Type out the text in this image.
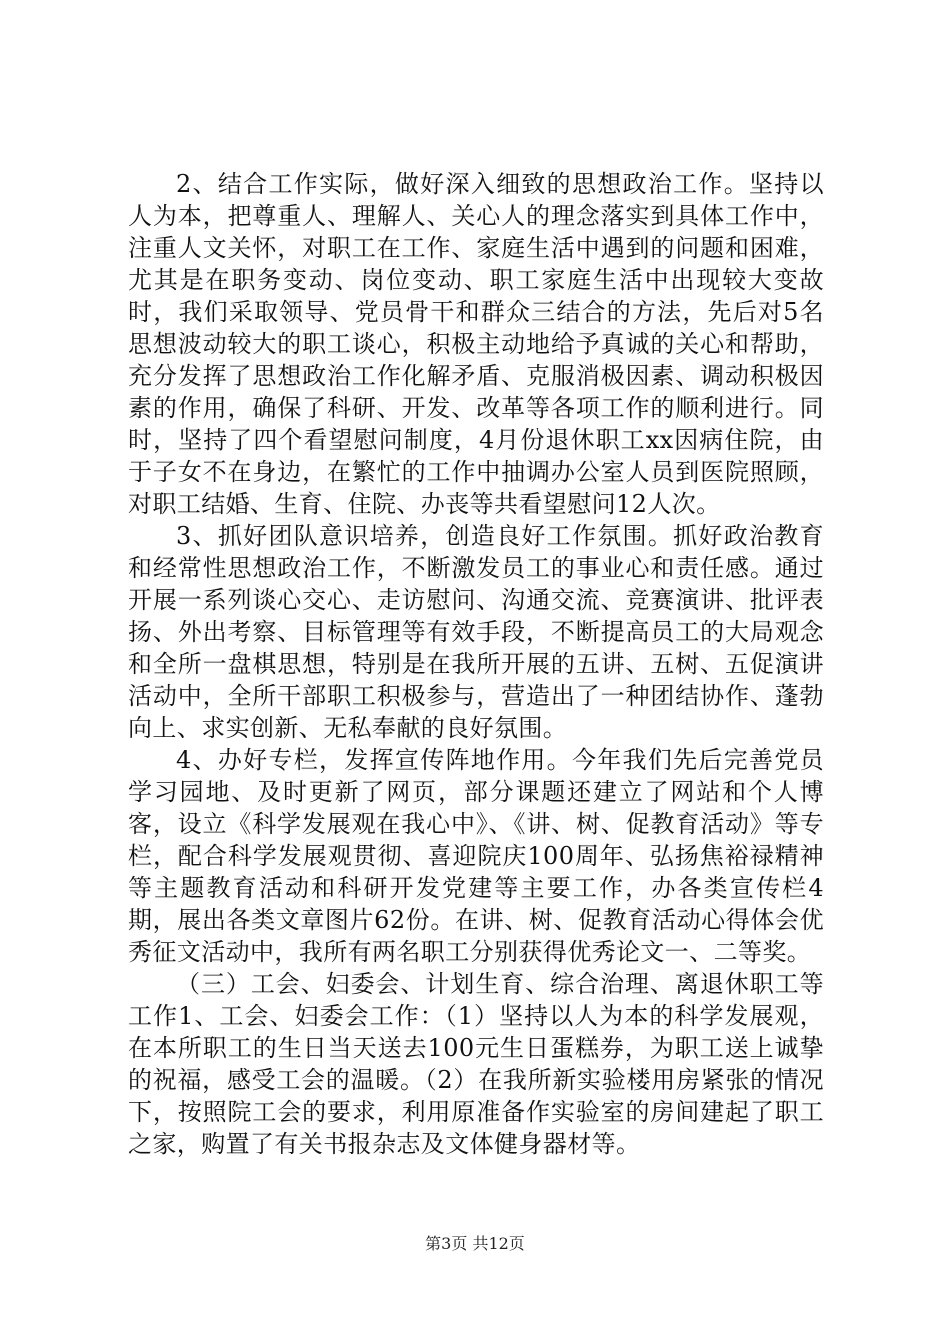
2、结合工作实际，做好深入细致的思想政治工作。坚持以人为本，把尊重人、理解人、关心人的理念落实到具体工作中，注重人文关怀，对职工在工作、家庭生活中遇到的问题和困难，尤其是在职务变动、岗位变动、职工家庭生活中出现较大变故时，我们采取领导、党员骨干和群众三结合的方法，先后对5名思想波动较大的职工谈心，积极主动地给予真诚的关心和帮助，充分发挥了思想政治工作化解矛盾、克服消极因素、调动积极因素的作用，确保了科研、开发、改革等各项工作的顺利进行。同时，坚持了四个看望慰问制度，4月份退休职工xx因病住院，由于子女不在身边，在繁忙的工作中抽调办公室人员到医院照顾，对职工结婚、生育、住院、办丧等共看望慰问12人次。

3、抓好团队意识培养，创造良好工作氛围。抓好政治教育和经常性思想政治工作，不断激发员工的事业心和责任感。通过开展一系列谈心交心、走访慰问、沟通交流、竞赛演讲、批评表扬、外出考察、目标管理等有效手段，不断提高员工的大局观念和全所一盘棋思想，特别是在我所开展的五讲、五树、五促演讲活动中，全所干部职工积极参与，营造出了一种团结协作、蓬勃向上、求实创新、无私奉献的良好氛围。

4、办好专栏，发挥宣传阵地作用。今年我们先后完善党员学习园地、及时更新了网页，部分课题还建立了网站和个人博客，设立《科学发展观在我心中》、《讲、树、促教育活动》等专栏，配合科学发展观贯彻、喜迎院庆100周年、弘扬焦裕禄精神等主题教育活动和科研开发党建等主要工作，办各类宣传栏4期，展出各类文章图片62份。在讲、树、促教育活动心得体会优秀征文活动中，我所有两名职工分别获得优秀论文一、二等奖。

（三）工会、妇委会、计划生育、综合治理、离退休职工等工作1、工会、妇委会工作：（1）坚持以人为本的科学发展观，在本所职工的生日当天送去100元生日蛋糕券，为职工送上诚挚的祝福，感受工会的温暖。（2）在我所新实验楼用房紧张的情况下，按照院工会的要求，利用原准备作实验室的房间建起了职工之家，购置了有关书报杂志及文体健身器材等。

第3页 共12页
